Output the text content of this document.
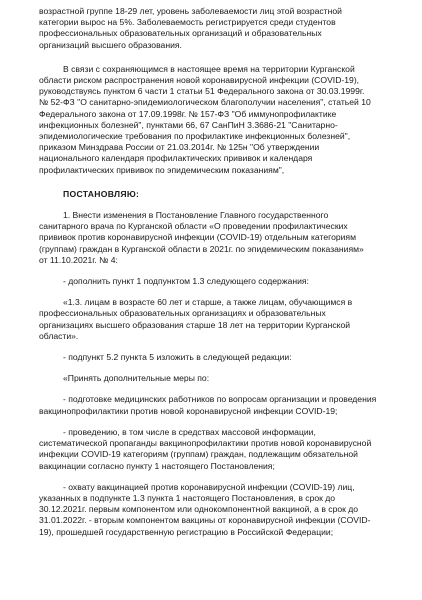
возрастной группе 18-29 лет, уровень заболеваемости лиц этой возрастной
категории вырос на 5%. Заболеваемость регистрируется среди студентов
профессиональных образовательных организаций и образовательных
организаций высшего образования.

В связи с сохраняющимся в настоящее время на территории Курганской
области риском распространения новой коронавирусной инфекции (COVID-19),
руководствуясь пунктом 6 части 1 статьи 51 Федерального закона от 30.03.1999г.
№ 52-ФЗ "О санитарно-эпидемиологическом благополучии населения", статьей 10
Федерального закона от 17.09.1998г. № 157-ФЗ "Об иммунопрофилактике
инфекционных болезней", пунктами 66, 67 СанПиН 3.3686-21 "Санитарно-
эпидемиологические требования по профилактике инфекционных болезней",
приказом Минздрава России от 21.03.2014г. № 125н "Об утверждении
национального календаря профилактических прививок и календаря
профилактических прививок по эпидемическим показаниям",

ПОСТАНОВЛЯЮ:

1. Внести изменения в Постановление Главного государственного
санитарного врача по Курганской области «О проведении профилактических
прививок против коронавирусной инфекции (COVID-19) отдельным категориям
(группам) граждан в Курганской области в 2021г. по эпидемическим показаниям»
от 11.10.2021г. № 4:

- дополнить пункт 1 подпунктом 1.3 следующего содержания:

«1.3. лицам в возрасте 60 лет и старше, а также лицам, обучающимся в
профессиональных образовательных организациях и образовательных
организациях высшего образования старше 18 лет на территории Курганской
области».

- подпункт 5.2 пункта 5 изложить в следующей редакции:

«Принять дополнительные меры по:

- подготовке медицинских работников по вопросам организации и проведения
вакцинопрофилактики против новой коронавирусной инфекции COVID-19;

- проведению, в том числе в средствах массовой информации,
систематической пропаганды вакцинопрофилактики против новой коронавирусной
инфекции COVID-19 категориям (группам) граждан, подлежащим обязательной
вакцинации согласно пункту 1 настоящего Постановления;

- охвату вакцинацией против коронавирусной инфекции (COVID-19) лиц,
указанных в подпункте 1.3 пункта 1 настоящего Постановления, в срок до
30.12.2021г. первым компонентом или однокомпонентной вакциной, а в срок до
31.01.2022г. - вторым компонентом вакцины от коронавирусной инфекции (COVID-
19), прошедшей государственную регистрацию в Российской Федерации;
